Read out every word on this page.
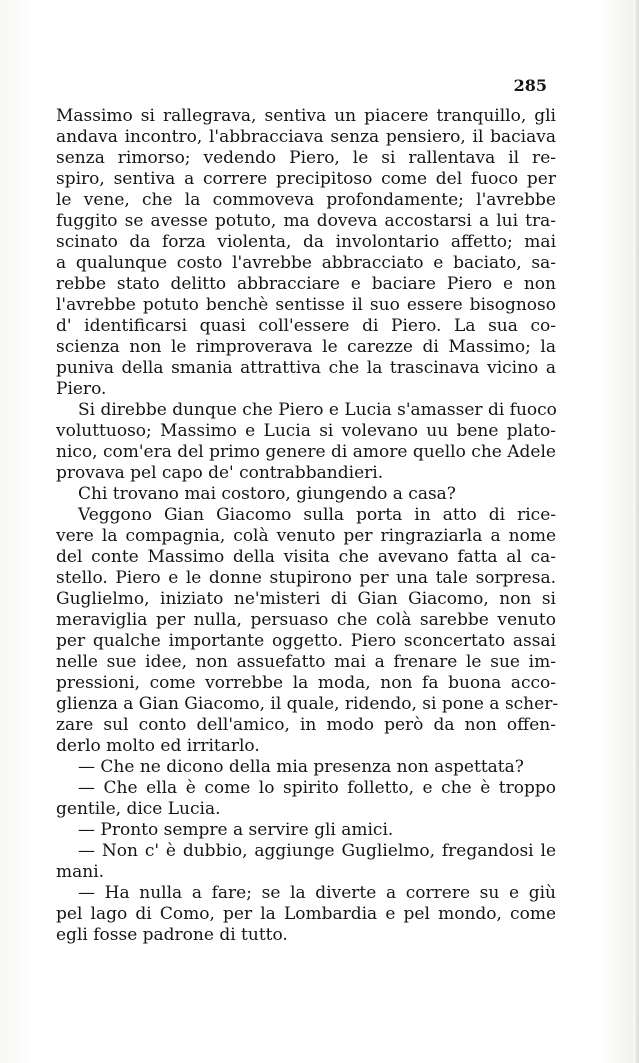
285
Massimo si rallegrava, sentiva un piacere tranquillo, gli
andava incontro, l'abbracciava senza pensiero, il baciava
senza rimorso; vedendo Piero, le si rallentava il re-
spiro, sentiva a correre precipitoso come del fuoco per
le vene, che la commoveva profondamente; l'avrebbe
fuggito se avesse potuto, ma doveva accostarsi a lui tra-
scinato da forza violenta, da involontario affetto; mai
a qualunque costo l'avrebbe abbracciato e baciato, sa-
rebbe stato delitto abbracciare e baciare Piero e non
l'avrebbe potuto benchè sentisse il suo essere bisognoso
d' identificarsi quasi coll'essere di Piero. La sua co-
scienza non le rimproverava le carezze di Massimo; la
puniva della smania attrattiva che la trascinava vicino a
Piero.
Si direbbe dunque che Piero e Lucia s'amasser di fuoco
voluttuoso; Massimo e Lucia si volevano uu bene plato-
nico, com'era del primo genere di amore quello che Adele
provava pel capo de' contrabbandieri.
Chi trovano mai costoro, giungendo a casa?
Veggono Gian Giacomo sulla porta in atto di rice-
vere la compagnia, colà venuto per ringraziarla a nome
del conte Massimo della visita che avevano fatta al ca-
stello. Piero e le donne stupirono per una tale sorpresa.
Guglielmo, iniziato ne'misteri di Gian Giacomo, non si
meraviglia per nulla, persuaso che colà sarebbe venuto
per qualche importante oggetto. Piero sconcertato assai
nelle sue idee, non assuefatto mai a frenare le sue im-
pressioni, come vorrebbe la moda, non fa buona acco-
glienza a Gian Giacomo, il quale, ridendo, si pone a scher-
zare sul conto dell'amico, in modo però da non offen-
derlo molto ed irritarlo.
— Che ne dicono della mia presenza non aspettata?
— Che ella è come lo spirito folletto, e che è troppo
gentile, dice Lucia.
— Pronto sempre a servire gli amici.
— Non c' è dubbio, aggiunge Guglielmo, fregandosi le
mani.
— Ha nulla a fare; se la diverte a correre su e giù
pel lago di Como, per la Lombardia e pel mondo, come
egli fosse padrone di tutto.
